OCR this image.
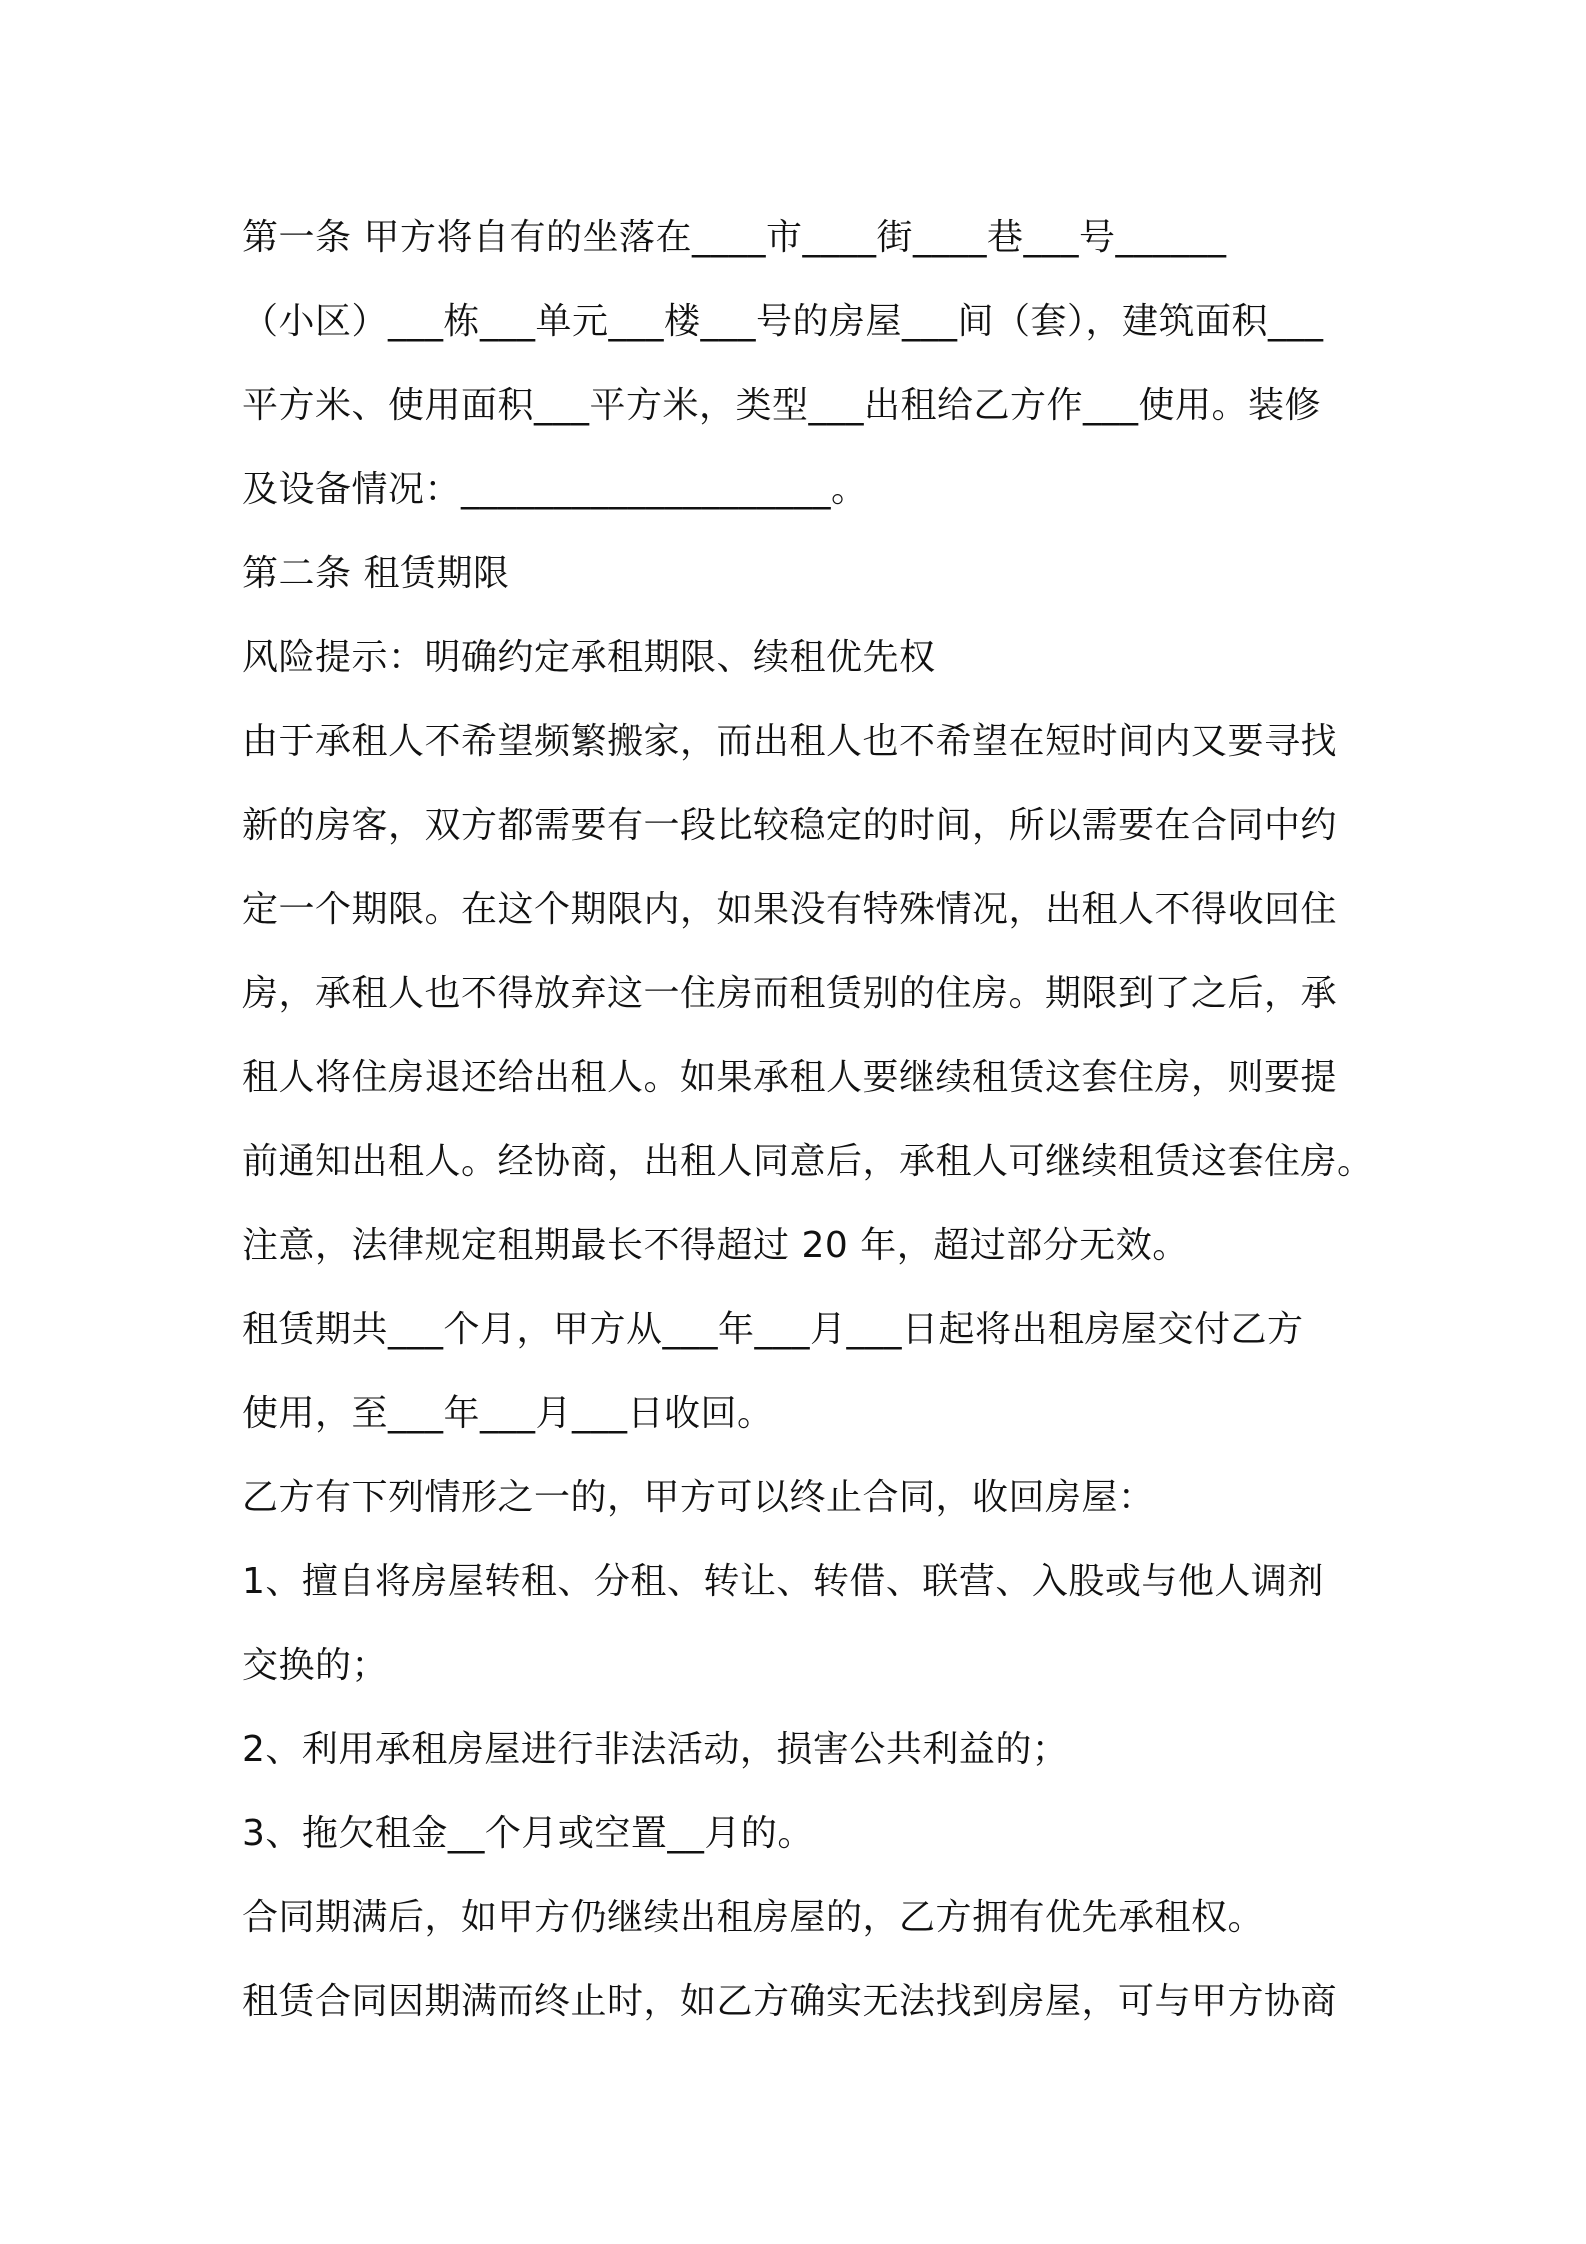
第一条 甲方将自有的坐落在____市____街____巷___号______
（小区）___栋___单元___楼___号的房屋___间（套），建筑面积___
平方米、使用面积___平方米，类型___出租给乙方作___使用。装修
及设备情况：____________________。
第二条 租赁期限
风险提示：明确约定承租期限、续租优先权
由于承租人不希望频繁搬家，而出租人也不希望在短时间内又要寻找
新的房客，双方都需要有一段比较稳定的时间，所以需要在合同中约
定一个期限。在这个期限内，如果没有特殊情况，出租人不得收回住
房，承租人也不得放弃这一住房而租赁别的住房。期限到了之后，承
租人将住房退还给出租人。如果承租人要继续租赁这套住房，则要提
前通知出租人。经协商，出租人同意后，承租人可继续租赁这套住房。
注意，法律规定租期最长不得超过 20 年，超过部分无效。
租赁期共___个月，甲方从___年___月___日起将出租房屋交付乙方
使用，至___年___月___日收回。
乙方有下列情形之一的，甲方可以终止合同，收回房屋：
1、擅自将房屋转租、分租、转让、转借、联营、入股或与他人调剂
交换的；
2、利用承租房屋进行非法活动，损害公共利益的；
3、拖欠租金__个月或空置__月的。
合同期满后，如甲方仍继续出租房屋的，乙方拥有优先承租权。
租赁合同因期满而终止时，如乙方确实无法找到房屋，可与甲方协商
